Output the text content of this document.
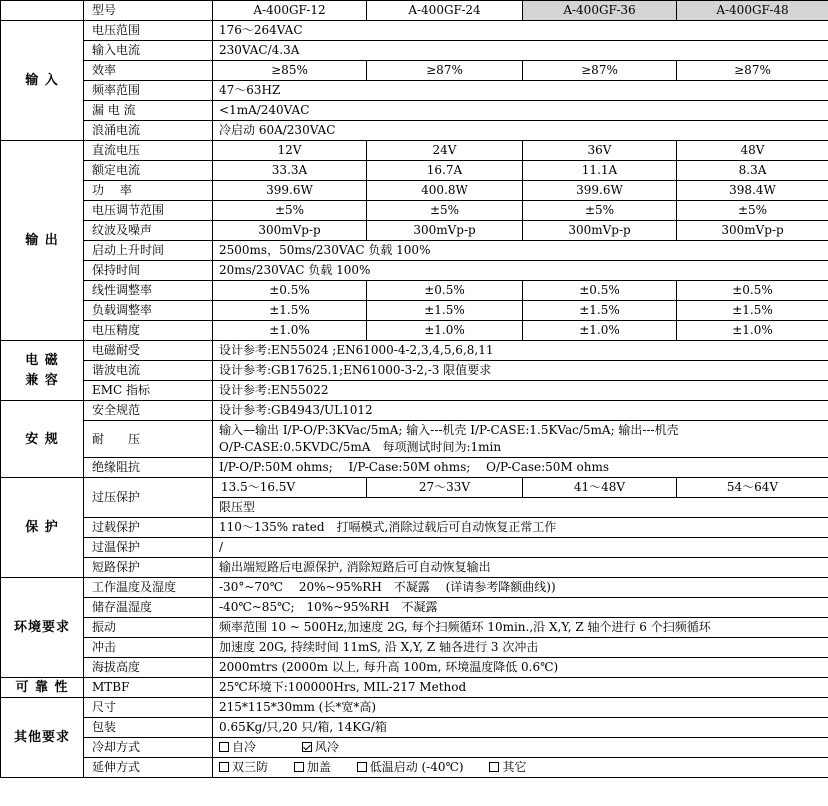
	型号	A-400GF-12	A-400GF-24	A-400GF-36	A-400GF-48
输 入	电压范围	176～264VAC			
	输入电流	230VAC/4.3A			
	效率	≥85%	≥87%	≥87%	≥87%
	频率范围	47～63HZ			
	漏 电 流	<1mA/240VAC			
	浪涌电流	冷启动 60A/230VAC			
输 出	直流电压	12V	24V	36V	48V
	额定电流	33.3A	16.7A	11.1A	8.3A
	功　 率	399.6W	400.8W	399.6W	398.4W
	电压调节范围	±5%	±5%	±5%	±5%
	纹波及噪声	300mVp-p	300mVp-p	300mVp-p	300mVp-p
	启动上升时间	2500ms，50ms/230VAC 负载 100%			
	保持时间	20ms/230VAC 负载 100%			
	线性调整率	±0.5%	±0.5%	±0.5%	±0.5%
	负载调整率	±1.5%	±1.5%	±1.5%	±1.5%
	电压精度	±1.0%	±1.0%	±1.0%	±1.0%
电 磁
兼 容	电磁耐受	设计参考:EN55024 ;EN61000-4-2,3,4,5,6,8,11			
	谐波电流	设计参考:GB17625.1;EN61000-3-2,-3 限值要求			
	EMC 指标	设计参考:EN55022			
安 规	安全规范	设计参考:GB4943/UL1012			
	耐　　压	输入—输出 I/P-O/P:3KVac/5mA; 输入---机壳 I/P-CASE:1.5KVac/5mA; 输出---机壳
O/P-CASE:0.5KVDC/5mA　每项测试时间为:1min			
	绝缘阻抗	I/P-O/P:50M ohms;　 I/P-Case:50M ohms;　 O/P-Case:50M ohms			
保 护	过压保护	13.5～16.5V	27～33V	41～48V	54～64V
		限压型			
	过载保护	110～135% rated　打嗝模式,消除过载后可自动恢复正常工作			
	过温保护	/			
	短路保护	输出端短路后电源保护, 消除短路后可自动恢复输出			
环境要求	工作温度及湿度	-30°~70℃　 20%~95%RH　不凝露　 (详请参考降额曲线))			
	储存温湿度	-40℃~85℃;　10%~95%RH　不凝露			
	振动	频率范围 10 ~ 500Hz,加速度 2G, 每个扫频循环 10min.,沿 X,Y, Z 轴个进行 6 个扫频循环			
	冲击	加速度 20G, 持续时间 11mS, 沿 X,Y, Z 轴各进行 3 次冲击			
	海拔高度	2000mtrs (2000m 以上, 每升高 100m, 环境温度降低 0.6℃)			
可 靠 性	MTBF	25℃环境下:100000Hrs, MIL-217 Method			
其他要求	尺寸	215*115*30mm (长*宽*高)			
	包装	0.65Kg/只,20 只/箱, 14KG/箱			
	冷却方式	自冷 风冷			
	延伸方式	双三防 加盖 低温启动 (-40℃) 其它			
